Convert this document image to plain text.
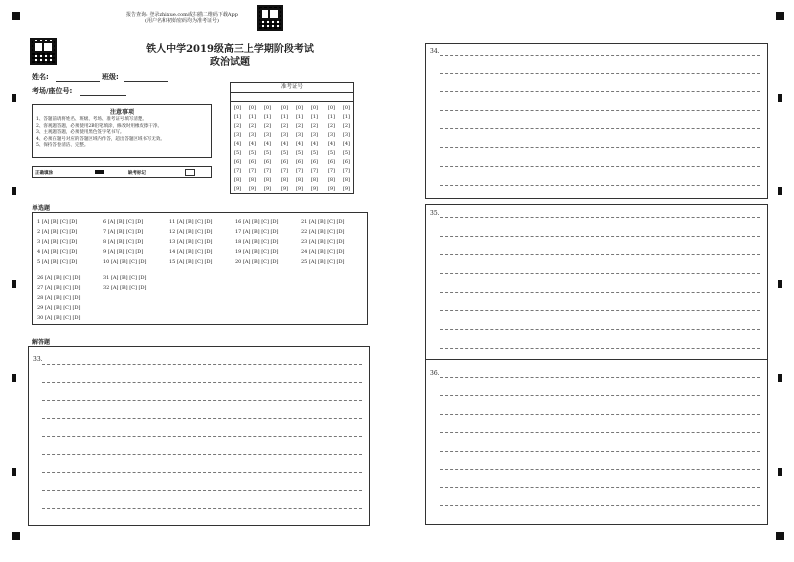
报告查询: 登录zhixue.com或扫描二维码下载App
(用户名和初始密码均为准考证号)
铁人中学2019级高三上学期阶段考试
政治试题
姓名:	班级:
考场/座位号:
注意事项
1、答题前请将姓名、班级、考场、准考证号填写清楚。
2、客观题答题，必须使用2B铅笔填涂，修改时用橡皮擦干净。
3、主观题答题，必须使用黑色签字笔书写。
4、必须在题号对应的答题区域内作答，超出答题区域书写无效。
5、保持答卷清洁、完整。
正确填涂	缺考标记
准考证号
[0]
[1]
[2]
[3]
[4]
[5]
[6]
[7]
[8]
[9]
[0]
[1]
[2]
[3]
[4]
[5]
[6]
[7]
[8]
[9]
[0]
[1]
[2]
[3]
[4]
[5]
[6]
[7]
[8]
[9]
[0]
[1]
[2]
[3]
[4]
[5]
[6]
[7]
[8]
[9]
[0]
[1]
[2]
[3]
[4]
[5]
[6]
[7]
[8]
[9]
[0]
[1]
[2]
[3]
[4]
[5]
[6]
[7]
[8]
[9]
[0]
[1]
[2]
[3]
[4]
[5]
[6]
[7]
[8]
[9]
[0]
[1]
[2]
[3]
[4]
[5]
[6]
[7]
[8]
[9]
单选题
1 [A] [B] [C] [D]
2 [A] [B] [C] [D]
3 [A] [B] [C] [D]
4 [A] [B] [C] [D]
5 [A] [B] [C] [D]
6 [A] [B] [C] [D]
7 [A] [B] [C] [D]
8 [A] [B] [C] [D]
9 [A] [B] [C] [D]
10 [A] [B] [C] [D]
11 [A] [B] [C] [D]
12 [A] [B] [C] [D]
13 [A] [B] [C] [D]
14 [A] [B] [C] [D]
15 [A] [B] [C] [D]
16 [A] [B] [C] [D]
17 [A] [B] [C] [D]
18 [A] [B] [C] [D]
19 [A] [B] [C] [D]
20 [A] [B] [C] [D]
21 [A] [B] [C] [D]
22 [A] [B] [C] [D]
23 [A] [B] [C] [D]
24 [A] [B] [C] [D]
25 [A] [B] [C] [D]
26 [A] [B] [C] [D]
27 [A] [B] [C] [D]
28 [A] [B] [C] [D]
29 [A] [B] [C] [D]
30 [A] [B] [C] [D]
31 [A] [B] [C] [D]
32 [A] [B] [C] [D]
解答题
33.
34.
35.
36.
